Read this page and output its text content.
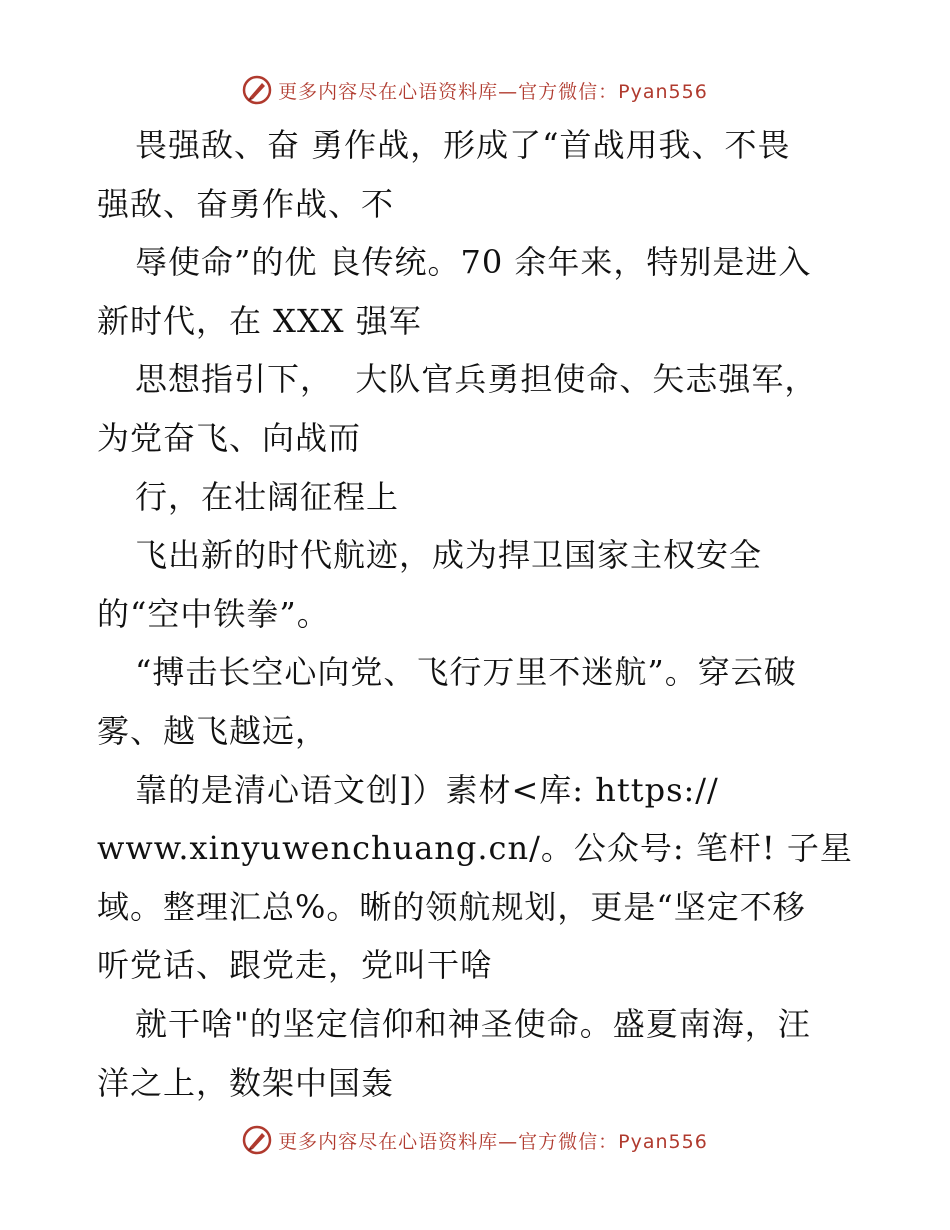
更多内容尽在心语资料库—官方微信：Pyan556
畏强敌、奋 勇作战，形成了“首战用我、不畏
强敌、奋勇作战、不
辱使命”的优 良传统。70 余年来，特别是进入
新时代，在 XXX 强军
思想指引下，  大队官兵勇担使命、矢志强军，
为党奋飞、向战而
行，在壮阔征程上
飞出新的时代航迹，成为捍卫国家主权安全
的“空中铁拳”。
“搏击长空心向党、飞行万里不迷航”。穿云破
雾、越飞越远，
靠的是清心语文创]）素材<库: https://
www.xinyuwenchuang.cn/。公众号: 笔杆! 子星
域。整理汇总%。晰的领航规划，更是“坚定不移
听党话、跟党走，党叫干啥
就干啥"的坚定信仰和神圣使命。盛夏南海，汪
洋之上，数架中国轰
更多内容尽在心语资料库—官方微信：Pyan556
